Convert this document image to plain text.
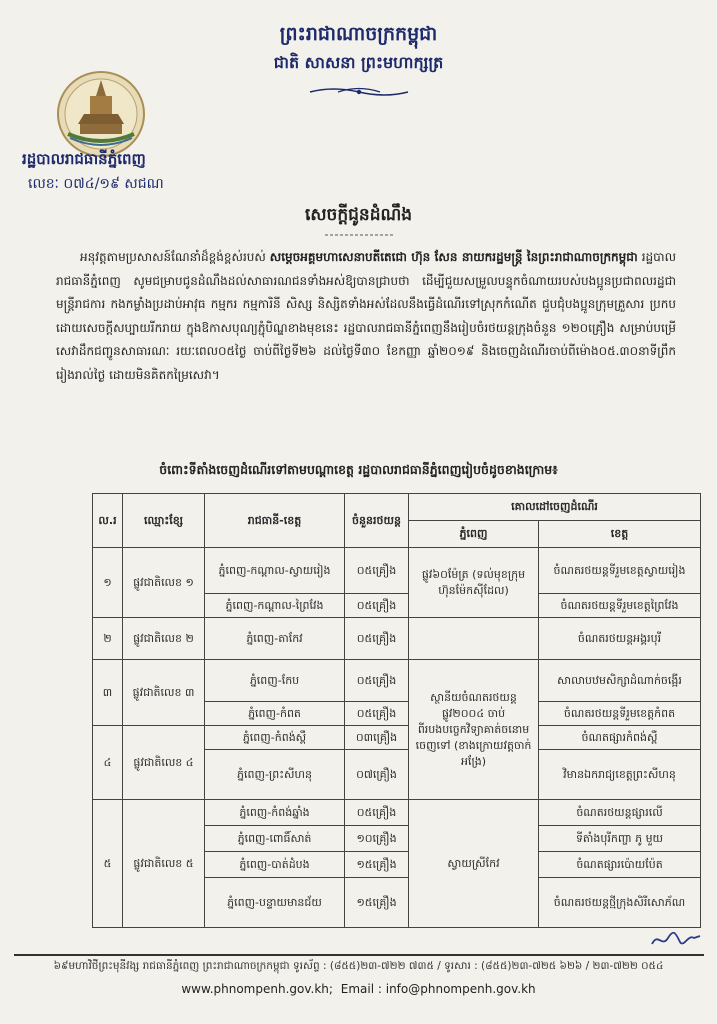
ព្រះរាជាណាចក្រកម្ពុជា
ជាតិ សាសនា ព្រះមហាក្សត្រ
រដ្ឋបាលរាជធានីភ្នំពេញ
លេខៈ ០៧៤/១៩ សជណ
សេចក្តីជូនដំណឹង
អនុវត្តតាមប្រសាសន៍ណែនាំដ៏ខ្ពង់ខ្ពស់របស់ សម្តេចអគ្គមហាសេនាបតីតេជោ ហ៊ុន សែន នាយករដ្ឋមន្ត្រី នៃព្រះរាជាណាចក្រកម្ពុជា រដ្ឋបាលរាជធានីភ្នំពេញ សូមជម្រាបជូនដំណឹងដល់សាធារណជនទាំងអស់ឱ្យបានជ្រាបថា ដើម្បីជួយសម្រួលបន្ទុកចំណាយរបស់បងប្អូនប្រជាពលរដ្ឋជាមន្ត្រីរាជការ កងកម្លាំងប្រដាប់អាវុធ កម្មករ កម្មការិនី សិស្ស និស្សិតទាំងអស់ដែលនឹងធ្វើដំណើរទៅស្រុកកំណើត ជួបជុំបងប្អូនក្រុមគ្រួសារ ប្រកបដោយសេចក្តីសប្បាយរីករាយ ក្នុងឱកាសបុណ្យភ្ជុំបិណ្ឌខាងមុខនេះ រដ្ឋបាលរាជធានីភ្នំពេញនឹងរៀបចំរថយន្តក្រុងចំនួន ១២០គ្រឿង សម្រាប់បម្រើសេវាដឹកជញ្ជូនសាធារណៈ រយៈពេល០៥ថ្ងៃ ចាប់ពីថ្ងៃទី២៦ ដល់ថ្ងៃទី៣០ ខែកញ្ញា ឆ្នាំ២០១៩ និងចេញដំណើរចាប់ពីម៉ោង០៥.៣០នាទីព្រឹក រៀងរាល់ថ្ងៃ ដោយមិនគិតកម្រៃសេវា។
ចំពោះទីតាំងចេញដំណើរទៅតាមបណ្តាខេត្ត រដ្ឋបាលរាជធានីភ្នំពេញរៀបចំដូចខាងក្រោម៖
ល.រ	ឈ្មោះខ្សែ	រាជធានី-ខេត្ត	ចំនួនរថយន្ត	គោលដៅចេញដំណើរ	
				ភ្នំពេញ	ខេត្ត
១	ផ្លូវជាតិលេខ ១	ភ្នំពេញ-កណ្តាល-ស្វាយរៀង	០៥គ្រឿង	ផ្លូវ៦០ម៉ែត្រ (ទល់មុខក្រុមហ៊ុនម៉ែកស៊ីដែល)	ចំណតរថយន្តទីរួមខេត្តស្វាយរៀង
		ភ្នំពេញ-កណ្តាល-ព្រៃវែង	០៥គ្រឿង		ចំណតរថយន្តទីរួមខេត្តព្រៃវែង
២	ផ្លូវជាតិលេខ ២	ភ្នំពេញ-តាកែវ	០៥គ្រឿង		ចំណតរថយន្តអង្គរបុរី
៣	ផ្លូវជាតិលេខ ៣	ភ្នំពេញ-កែប	០៥គ្រឿង	ស្ថានីយចំណតរថយន្តផ្លូវ២០០៤ ចាប់ពីរបងបច្ចេកវិទ្យាគាត់ចនោមចេញទៅ (ខាងក្រោយវត្តចាក់អង្រែ)	សាលាបឋមសិក្សាដំណាក់ចង្អើរ
		ភ្នំពេញ-កំពត	០៥គ្រឿង		ចំណតរថយន្តទីរួមខេត្តកំពត
៤	ផ្លូវជាតិលេខ ៤	ភ្នំពេញ-កំពង់ស្ពឺ	០៣គ្រឿង		ចំណតផ្សារកំពង់ស្ពឺ
		ភ្នំពេញ-ព្រះសីហនុ	០៧គ្រឿង		វិមានឯករាជ្យខេត្តព្រះសីហនុ
៥	ផ្លូវជាតិលេខ ៥	ភ្នំពេញ-កំពង់ឆ្នាំង	០៥គ្រឿង	ស្វាយស្រីកែវ	ចំណតរថយន្តផ្សារលើ
		ភ្នំពេញ-ពោធិ៍សាត់	១០គ្រឿង		ទីតាំងបុរីកញ្ចា ភូ មួយ
		ភ្នំពេញ-បាត់ដំបង	១៥គ្រឿង		ចំណតផ្សារប៉ោយប៉ែត
		ភ្នំពេញ-បន្ទាយមានជ័យ	១៥គ្រឿង		ចំណតរថយន្តថ្មីក្រុងសិរីសោភ័ណ
៦៩មហាវិថីព្រះមុនីវង្ស រាជធានីភ្នំពេញ ព្រះរាជាណាចក្រកម្ពុជា ទូរស័ព្ទ : (៨៥៥)២៣-៧២២ ៧៣៥ / ទូរសារ : (៨៥៥)២៣-៧២៥ ៦២៦ / ២៣-៧២២ ០៥៤
www.phnompenh.gov.kh; Email : info@phnompenh.gov.kh
